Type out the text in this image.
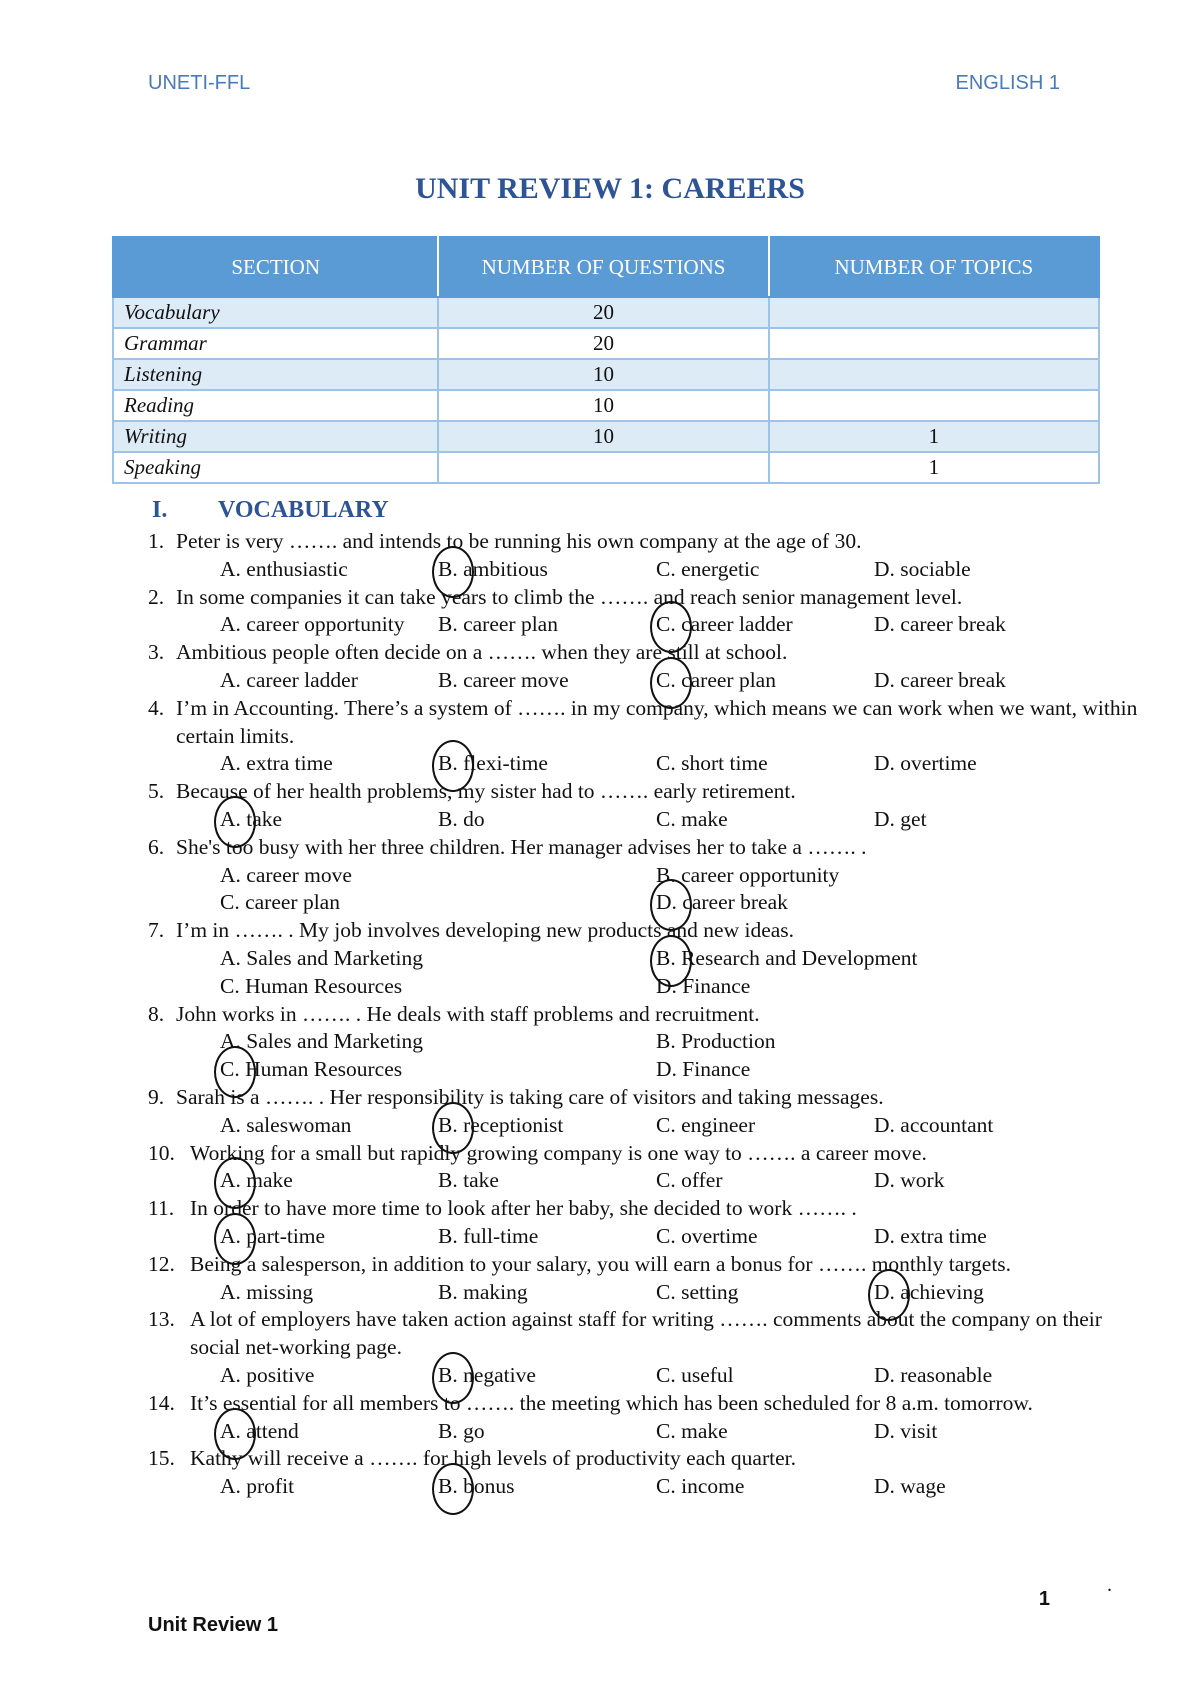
UNETI-FFL	ENGLISH 1
UNIT REVIEW 1: CAREERS
SECTION	NUMBER OF QUESTIONS	NUMBER OF TOPICS
Vocabulary	20	
Grammar	20	
Listening	10	
Reading	10	
Writing	10	1
Speaking		1
I. VOCABULARY
1. Peter is very ……. and intends to be running his own company at the age of 30.
A. enthusiastic	B. ambitious	C. energetic	D. sociable
2. In some companies it can take years to climb the ……. and reach senior management level.
A. career opportunity	B. career plan	C. career ladder	D. career break
3. Ambitious people often decide on a ……. when they are still at school.
A. career ladder	B. career move	C. career plan	D. career break
4. I’m in Accounting. There’s a system of ……. in my company, which means we can work when we want, within certain limits.
A. extra time	B. flexi-time	C. short time	D. overtime
5. Because of her health problems, my sister had to ……. early retirement.
A. take	B. do	C. make	D. get
6. She's too busy with her three children. Her manager advises her to take a ……. .
A. career move	B. career opportunity
C. career plan	D. career break
7. I’m in ……. . My job involves developing new products and new ideas.
A. Sales and Marketing	B. Research and Development
C. Human Resources	D. Finance
8. John works in ……. . He deals with staff problems and recruitment.
A. Sales and Marketing	B. Production
C. Human Resources	D. Finance
9. Sarah is a ……. . Her responsibility is taking care of visitors and taking messages.
A. saleswoman	B. receptionist	C. engineer	D. accountant
10. Working for a small but rapidly growing company is one way to ……. a career move.
A. make	B. take	C. offer	D. work
11. In order to have more time to look after her baby, she decided to work ……. .
A. part-time	B. full-time	C. overtime	D. extra time
12. Being a salesperson, in addition to your salary, you will earn a bonus for ……. monthly targets.
A. missing	B. making	C. setting	D. achieving
13. A lot of employers have taken action against staff for writing ……. comments about the company on their social net-working page.
A. positive	B. negative	C. useful	D. reasonable
14. It’s essential for all members to ……. the meeting which has been scheduled for 8 a.m. tomorrow.
A. attend	B. go	C. make	D. visit
15. Kathy will receive a ……. for high levels of productivity each quarter.
A. profit	B. bonus	C. income	D. wage
.
1
Unit Review 1
